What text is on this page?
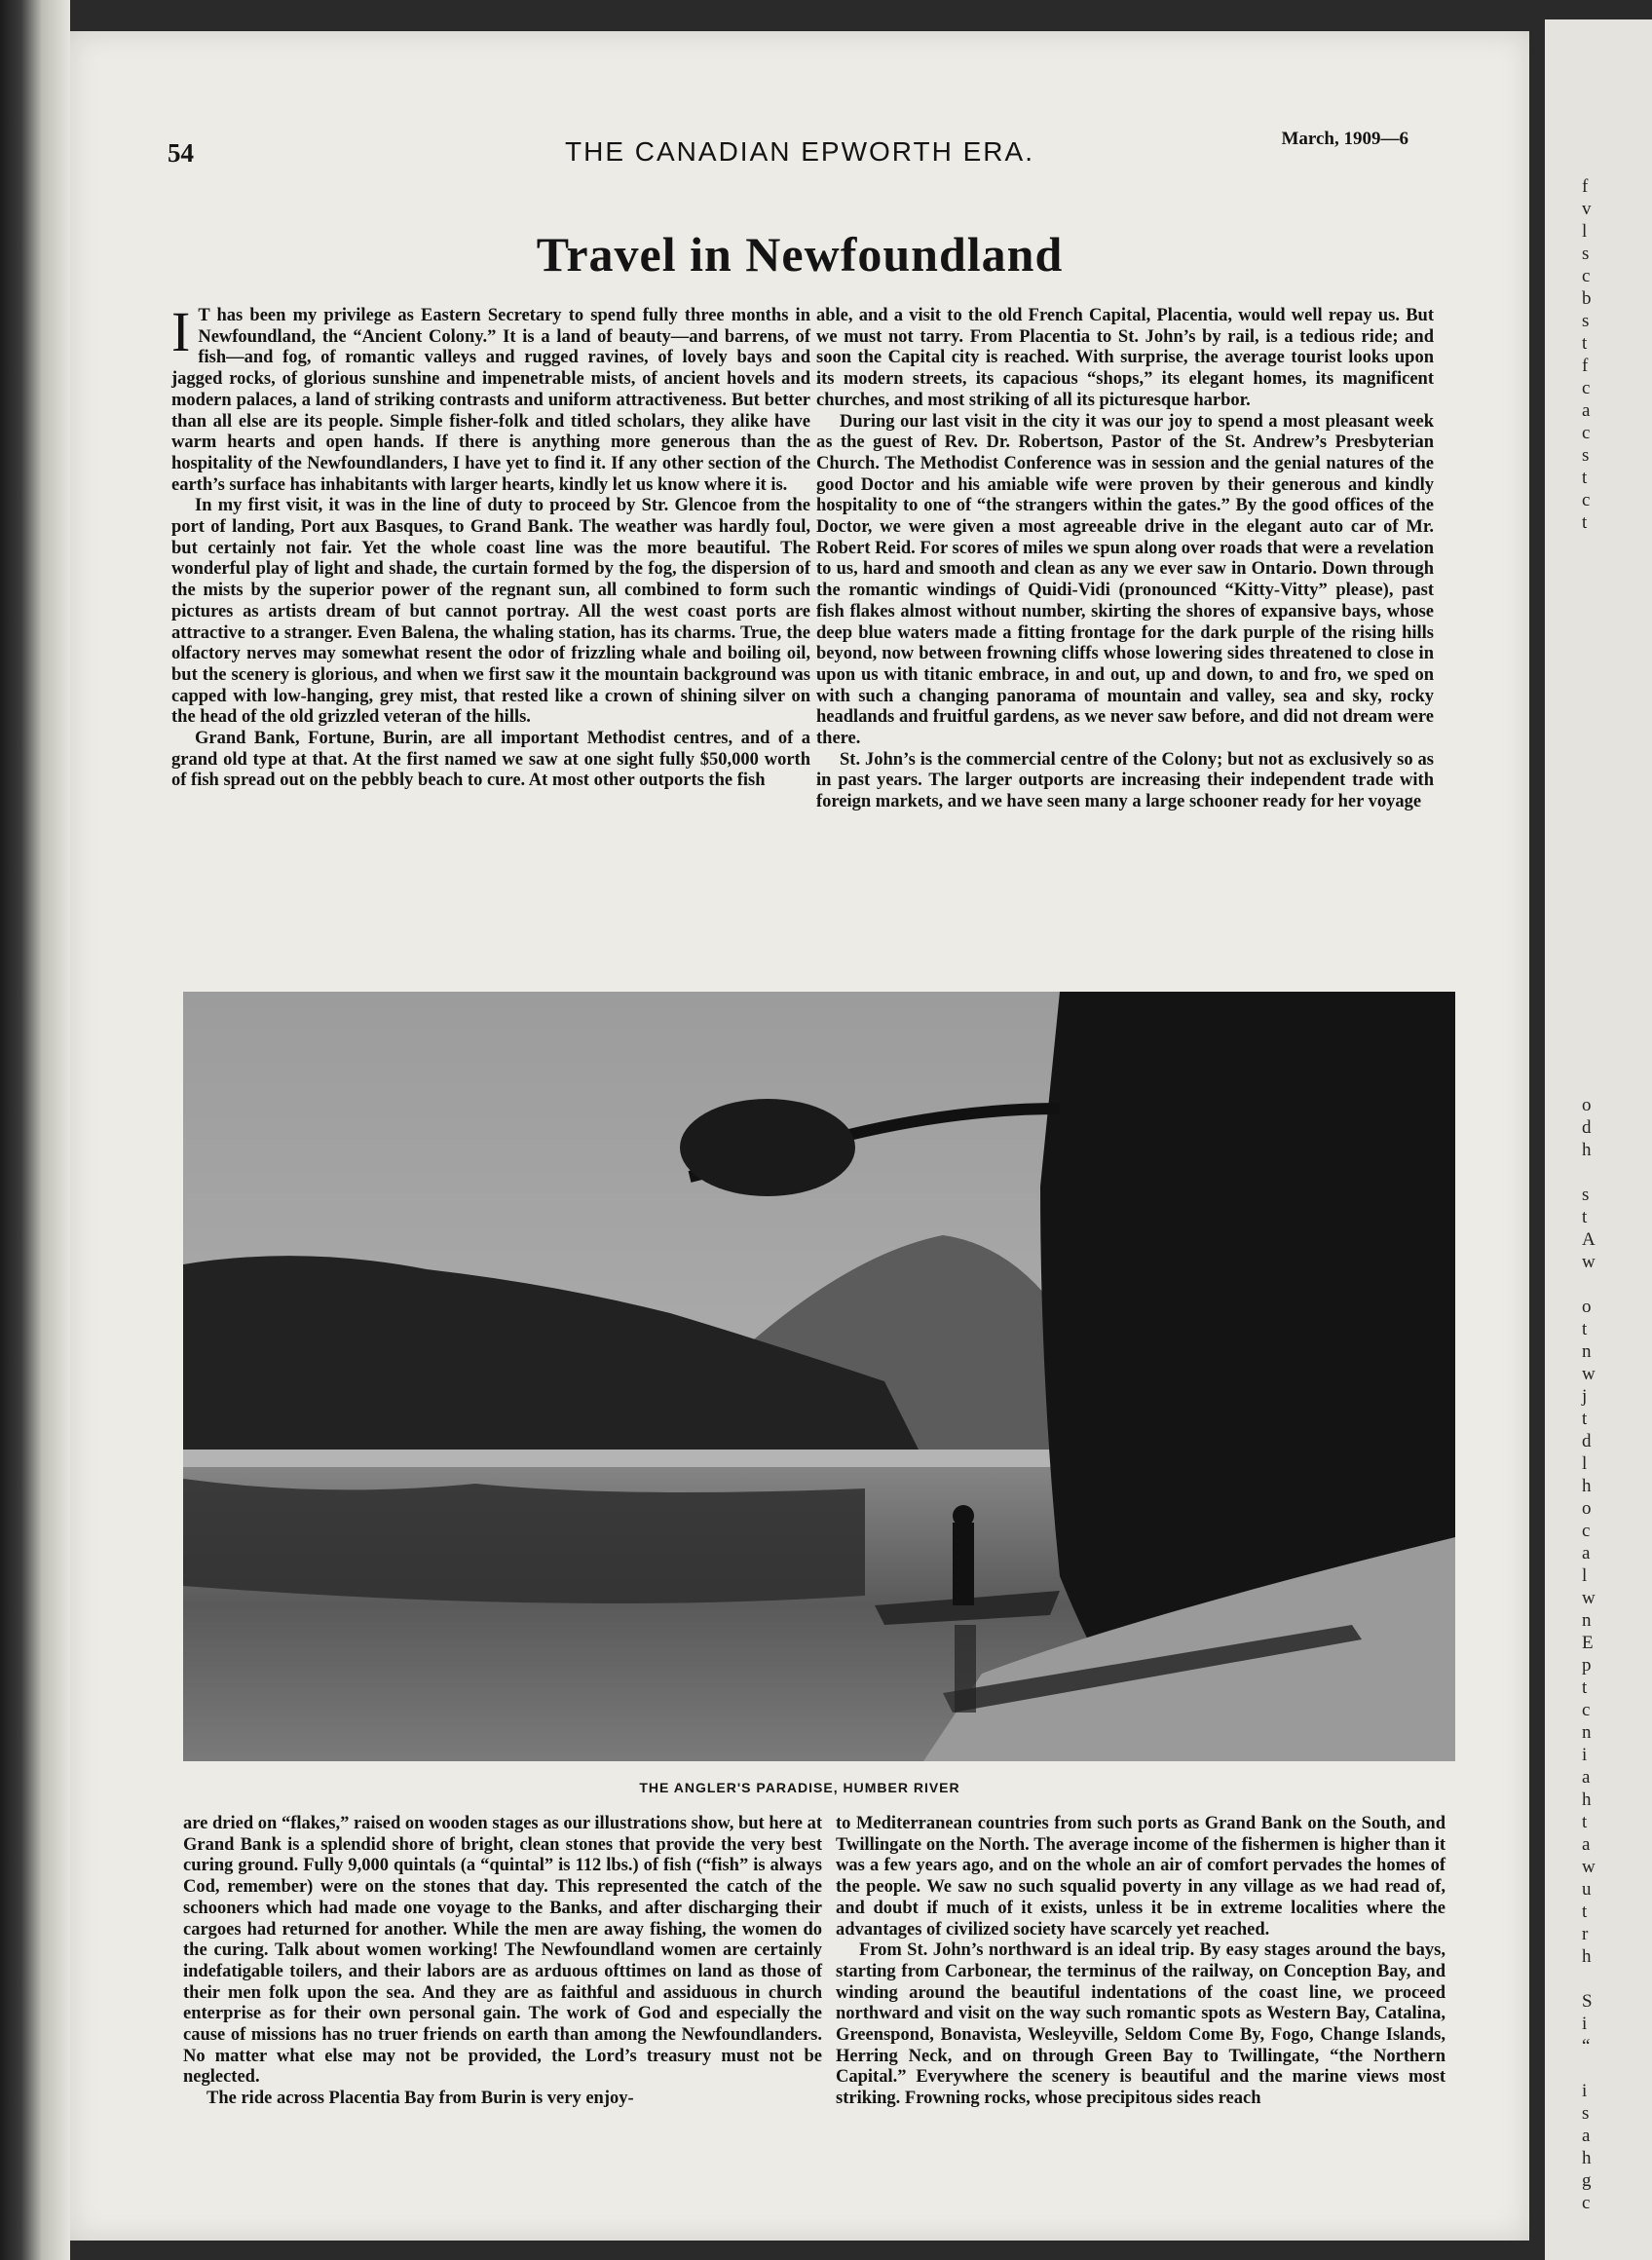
54	THE CANADIAN EPWORTH ERA.	March, 1909—6
Travel in Newfoundland

I T has been my privilege as Eastern Secretary to spend fully three months in Newfoundland, the “Ancient Colony.” It is a land of beauty—and barrens, of fish—and fog, of romantic valleys and rugged ravines, of lovely bays and jagged rocks, of glorious sunshine and impenetrable mists, of ancient hovels and modern palaces, a land of striking contrasts and uniform attractiveness. But better than all else are its people. Simple fisher-folk and titled scholars, they alike have warm hearts and open hands. If there is anything more generous than the hospitality of the Newfoundlanders, I have yet to find it. If any other section of the earth’s surface has inhabitants with larger hearts, kindly let us know where it is.

In my first visit, it was in the line of duty to proceed by Str. Glencoe from the port of landing, Port aux Basques, to Grand Bank. The weather was hardly foul, but certainly not fair. Yet the whole coast line was the more beautiful. The wonderful play of light and shade, the curtain formed by the fog, the dispersion of the mists by the superior power of the regnant sun, all combined to form such pictures as artists dream of but cannot portray. All the west coast ports are attractive to a stranger. Even Balena, the whaling station, has its charms. True, the olfactory nerves may somewhat resent the odor of frizzling whale and boiling oil, but the scenery is glorious, and when we first saw it the mountain background was capped with low-hanging, grey mist, that rested like a crown of shining silver on the head of the old grizzled veteran of the hills.

Grand Bank, Fortune, Burin, are all important Methodist centres, and of a grand old type at that. At the first named we saw at one sight fully $50,000 worth of fish spread out on the pebbly beach to cure. At most other outports the fish

able, and a visit to the old French Capital, Placentia, would well repay us. But we must not tarry. From Placentia to St. John’s by rail, is a tedious ride; and soon the Capital city is reached. With surprise, the average tourist looks upon its modern streets, its capacious “shops,” its elegant homes, its magnificent churches, and most striking of all its picturesque harbor.

During our last visit in the city it was our joy to spend a most pleasant week as the guest of Rev. Dr. Robertson, Pastor of the St. Andrew’s Presbyterian Church. The Methodist Conference was in session and the genial natures of the good Doctor and his amiable wife were proven by their generous and kindly hospitality to one of “the strangers within the gates.” By the good offices of the Doctor, we were given a most agreeable drive in the elegant auto car of Mr. Robert Reid. For scores of miles we spun along over roads that were a revelation to us, hard and smooth and clean as any we ever saw in Ontario. Down through the romantic windings of Quidi-Vidi (pronounced “Kitty-Vitty” please), past fish flakes almost without number, skirting the shores of expansive bays, whose deep blue waters made a fitting frontage for the dark purple of the rising hills beyond, now between frowning cliffs whose lowering sides threatened to close in upon us with titanic embrace, in and out, up and down, to and fro, we sped on with such a changing panorama of mountain and valley, sea and sky, rocky headlands and fruitful gardens, as we never saw before, and did not dream were there.

St. John’s is the commercial centre of the Colony; but not as exclusively so as in past years. The larger outports are increasing their independent trade with foreign markets, and we have seen many a large schooner ready for her voyage

THE ANGLER'S PARADISE, HUMBER RIVER

are dried on “flakes,” raised on wooden stages as our illustrations show, but here at Grand Bank is a splendid shore of bright, clean stones that provide the very best curing ground. Fully 9,000 quintals (a “quintal” is 112 lbs.) of fish (“fish” is always Cod, remember) were on the stones that day. This represented the catch of the schooners which had made one voyage to the Banks, and after discharging their cargoes had returned for another. While the men are away fishing, the women do the curing. Talk about women working! The Newfoundland women are certainly indefatigable toilers, and their labors are as arduous ofttimes on land as those of their men folk upon the sea. And they are as faithful and assiduous in church enterprise as for their own personal gain. The work of God and especially the cause of missions has no truer friends on earth than among the Newfoundlanders. No matter what else may not be provided, the Lord’s treasury must not be neglected.

The ride across Placentia Bay from Burin is very enjoy-

to Mediterranean countries from such ports as Grand Bank on the South, and Twillingate on the North. The average income of the fishermen is higher than it was a few years ago, and on the whole an air of comfort pervades the homes of the people. We saw no such squalid poverty in any village as we had read of, and doubt if much of it exists, unless it be in extreme localities where the advantages of civilized society have scarcely yet reached.

From St. John’s northward is an ideal trip. By easy stages around the bays, starting from Carbonear, the terminus of the railway, on Conception Bay, and winding around the beautiful indentations of the coast line, we proceed northward and visit on the way such romantic spots as Western Bay, Catalina, Greenspond, Bonavista, Wesleyville, Seldom Come By, Fogo, Change Islands, Herring Neck, and on through Green Bay to Twillingate, “the Northern Capital.” Everywhere the scenery is beautiful and the marine views most striking. Frowning rocks, whose precipitous sides reach

f
v
l
s
c
b
s
t
f
c
a
c
s
t
c
t

o
d
h

s
t
A
w

o
t
n
w
j
t
d
l
h
o
c
a
l
w
n
E
p
t
c
n
i
a
h
t
a
w
u
t
r
h

S
i
“

i
s
a
h
g
c
